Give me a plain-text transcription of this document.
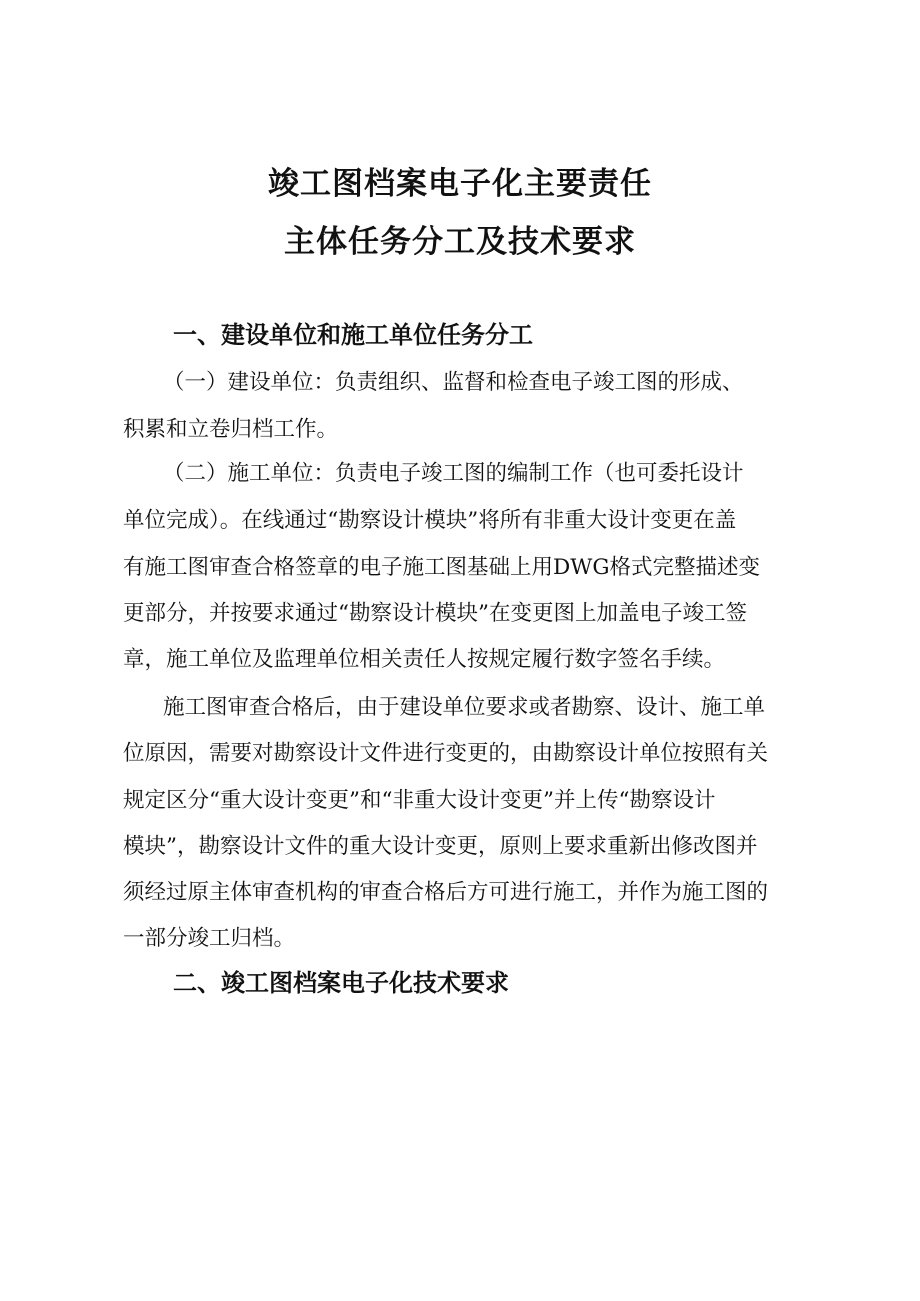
竣工图档案电子化主要责任
主体任务分工及技术要求
一、建设单位和施工单位任务分工
（一）建设单位：负责组织、监督和检查电子竣工图的形成、
积累和立卷归档工作。
（二）施工单位：负责电子竣工图的编制工作（也可委托设计
单位完成）。在线通过“勘察设计模块”将所有非重大设计变更在盖
有施工图审查合格签章的电子施工图基础上用DWG格式完整描述变
更部分，并按要求通过“勘察设计模块”在变更图上加盖电子竣工签
章，施工单位及监理单位相关责任人按规定履行数字签名手续。
施工图审查合格后，由于建设单位要求或者勘察、设计、施工单
位原因，需要对勘察设计文件进行变更的，由勘察设计单位按照有关
规定区分“重大设计变更”和“非重大设计变更”并上传“勘察设计
模块”，勘察设计文件的重大设计变更，原则上要求重新出修改图并
须经过原主体审查机构的审查合格后方可进行施工，并作为施工图的
一部分竣工归档。
二、竣工图档案电子化技术要求
